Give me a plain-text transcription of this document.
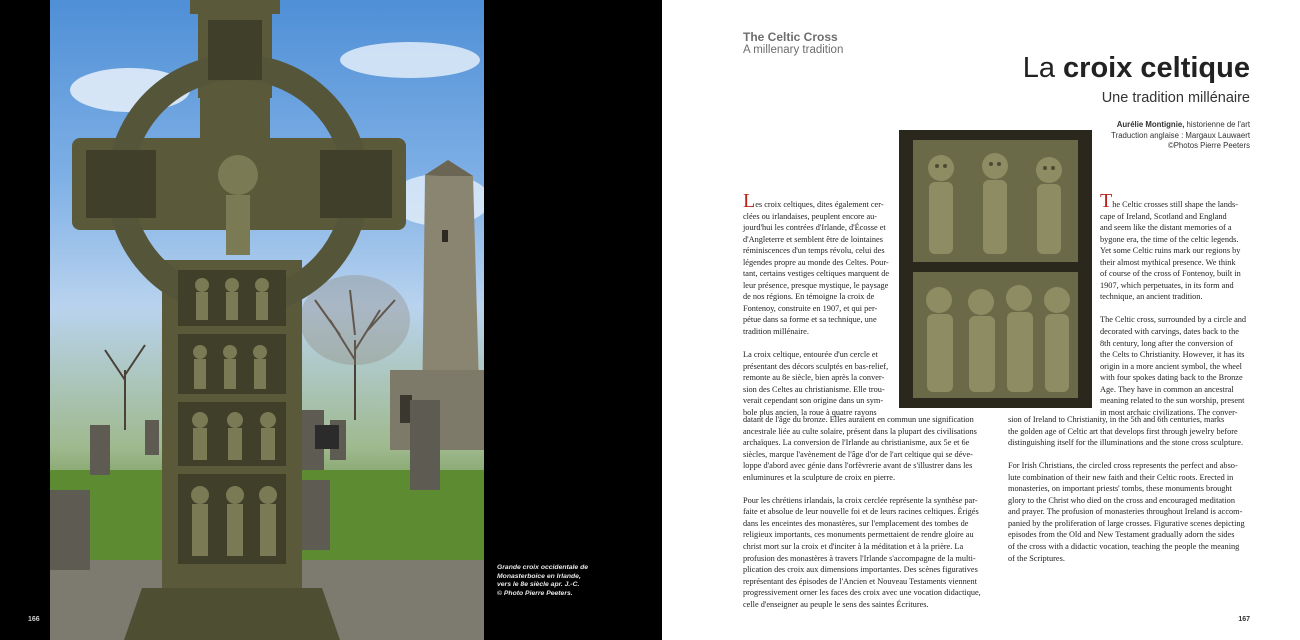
Grande croix occidentale de
Monasterboice en Irlande,
vers le 8e siècle apr. J.-C.
© Photo Pierre Peeters.
166
The Celtic Cross
A millenary tradition
La croix celtique
Une tradition millénaire
Aurélie Montignie, historienne de l'art
Traduction anglaise : Margaux Lauwaert
©Photos Pierre Peeters

Les croix celtiques, dites également cer-

clées ou irlandaises, peuplent encore au-

jourd'hui les contrées d'Irlande, d'Écosse et

d'Angleterre et semblent être de lointaines

réminiscences d'un temps révolu, celui des

légendes propre au monde des Celtes. Pour-

tant, certains vestiges celtiques marquent de

leur présence, presque mystique, le paysage

de nos régions. En témoigne la croix de

Fontenoy, construite en 1907, et qui per-

pétue dans sa forme et sa technique, une

tradition millénaire.

La croix celtique, entourée d'un cercle et

présentant des décors sculptés en bas-relief,

remonte au 8e siècle, bien après la conver-

sion des Celtes au christianisme. Elle trou-

verait cependant son origine dans un sym-

bole plus ancien, la roue à quatre rayons

datant de l'âge du bronze. Elles auraient en commun une signification

ancestrale liée au culte solaire, présent dans la plupart des civilisations

archaïques. La conversion de l'Irlande au christianisme, aux 5e et 6e

siècles, marque l'avènement de l'âge d'or de l'art celtique qui se déve-

loppe d'abord avec génie dans l'orfèvrerie avant de s'illustrer dans les

enluminures et la sculpture de croix en pierre.

Pour les chrétiens irlandais, la croix cerclée représente la synthèse par-

faite et absolue de leur nouvelle foi et de leurs racines celtiques. Érigés

dans les enceintes des monastères, sur l'emplacement des tombes de

religieux importants, ces monuments permettaient de rendre gloire au

christ mort sur la croix et d'inciter à la méditation et à la prière. La

profusion des monastères à travers l'Irlande s'accompagne de la multi-

plication des croix aux dimensions importantes. Des scènes figuratives

représentant des épisodes de l'Ancien et Nouveau Testaments viennent

progressivement orner les faces des croix avec une vocation didactique,

celle d'enseigner au peuple le sens des saintes Écritures.

The Celtic crosses still shape the lands-

cape of Ireland, Scotland and England

and seem like the distant memories of a

bygone era, the time of the celtic legends.

Yet some Celtic ruins mark our regions by

their almost mythical presence. We think

of course of the cross of Fontenoy, built in

1907, which perpetuates, in its form and

technique, an ancient tradition.

The Celtic cross, surrounded by a circle and

decorated with carvings, dates back to the

8th century, long after the conversion of

the Celts to Christianity. However, it has its

origin in a more ancient symbol, the wheel

with four spokes dating back to the Bronze

Age. They have in common an ancestral

meaning related to the sun worship, present

in most archaic civilizations. The conver-

sion of Ireland to Christianity, in the 5th and 6th centuries, marks

the golden age of Celtic art that develops first through jewelry before

distinguishing itself for the illuminations and the stone cross sculpture.

For Irish Christians, the circled cross represents the perfect and abso-

lute combination of their new faith and their Celtic roots. Erected in

monasteries, on important priests' tombs, these monuments brought

glory to the Christ who died on the cross and encouraged meditation

and prayer. The profusion of monasteries throughout Ireland is accom-

panied by the proliferation of large crosses. Figurative scenes depicting

episodes from the Old and New Testament gradually adorn the sides

of the cross with a didactic vocation, teaching the people the meaning

of the Scriptures.

167
